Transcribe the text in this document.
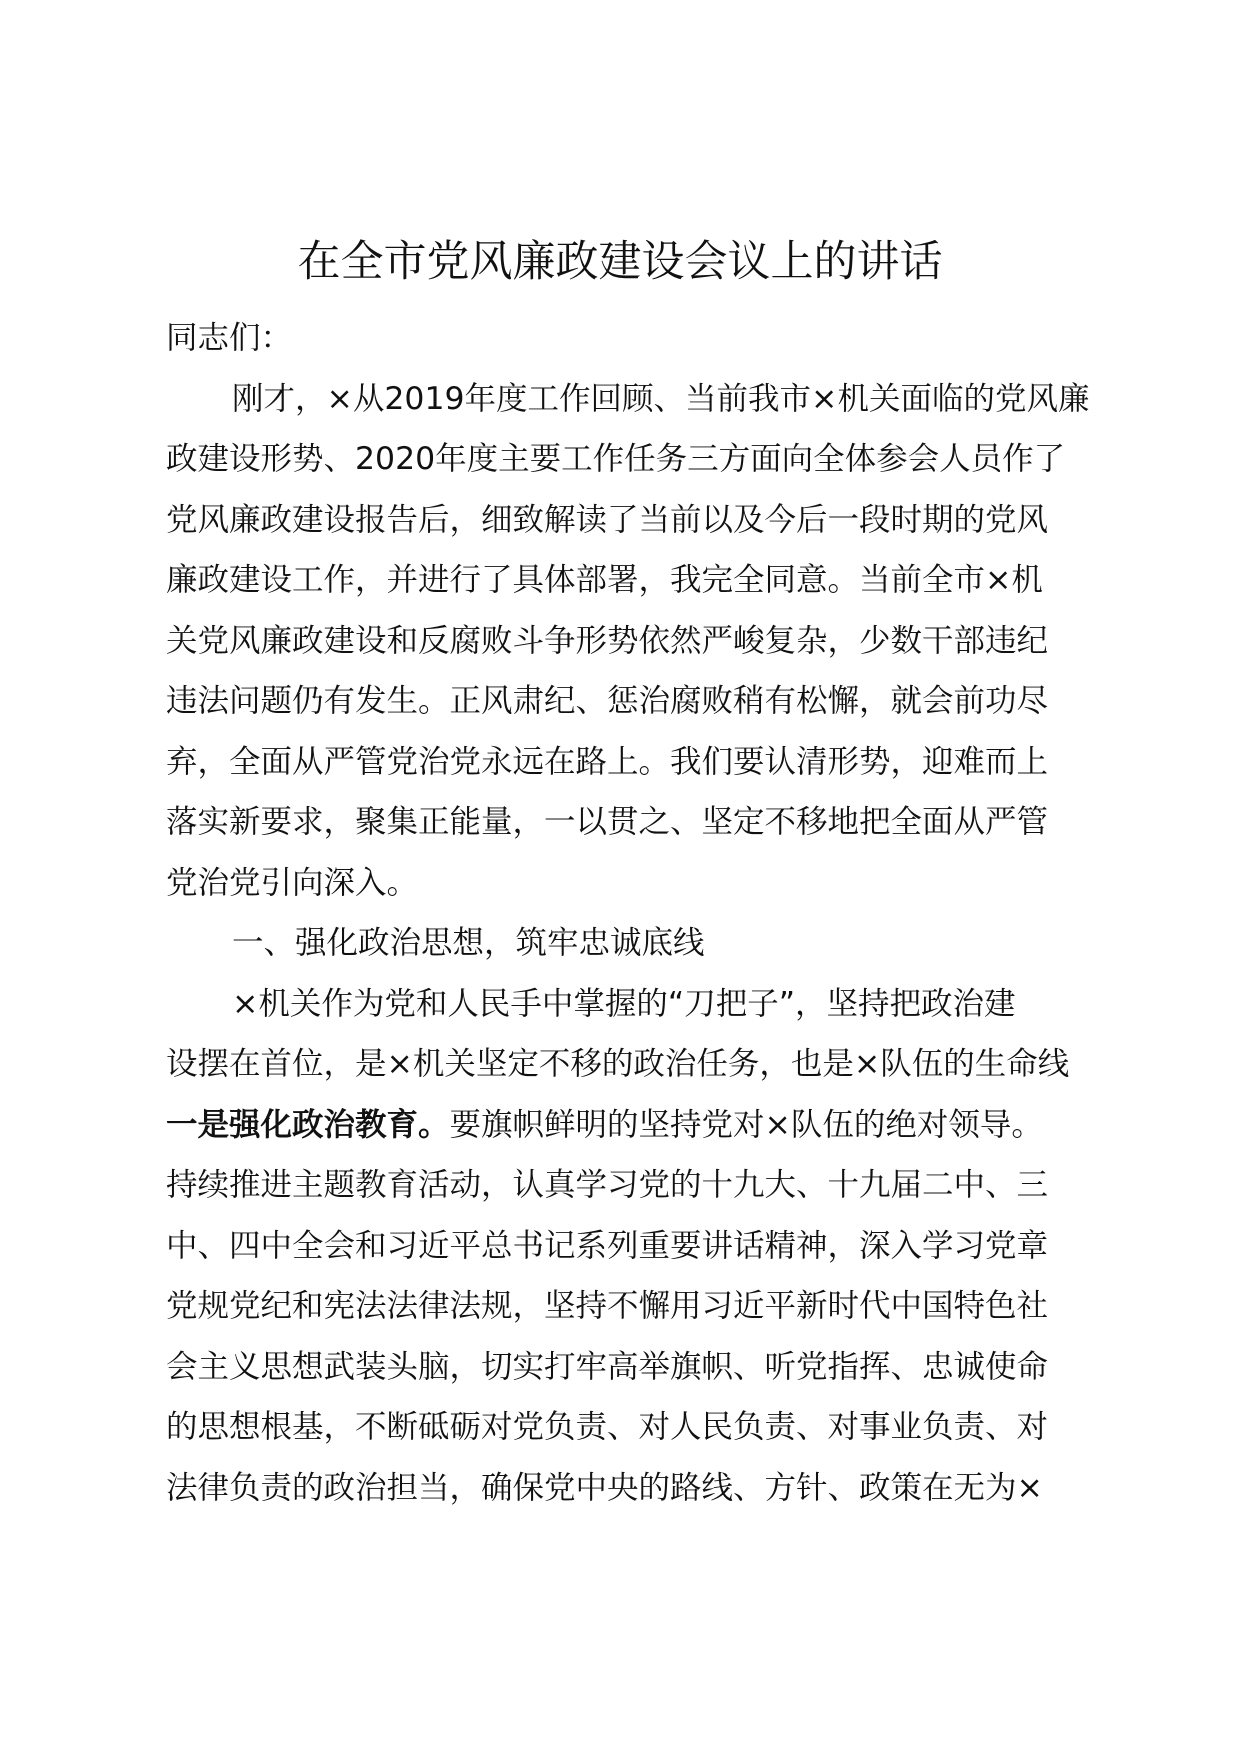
在全市党风廉政建设会议上的讲话
同志们：
刚才，×从2019年度工作回顾、当前我市×机关面临的党风廉
政建设形势、2020年度主要工作任务三方面向全体参会人员作了
党风廉政建设报告后，细致解读了当前以及今后一段时期的党风
廉政建设工作，并进行了具体部署，我完全同意。当前全市×机
关党风廉政建设和反腐败斗争形势依然严峻复杂，少数干部违纪
违法问题仍有发生。正风肃纪、惩治腐败稍有松懈，就会前功尽
弃，全面从严管党治党永远在路上。我们要认清形势，迎难而上
落实新要求，聚集正能量，一以贯之、坚定不移地把全面从严管
党治党引向深入。
一、强化政治思想，筑牢忠诚底线
×机关作为党和人民手中掌握的“刀把子”，坚持把政治建
设摆在首位，是×机关坚定不移的政治任务，也是×队伍的生命线
一是强化政治教育。要旗帜鲜明的坚持党对×队伍的绝对领导。
持续推进主题教育活动，认真学习党的十九大、十九届二中、三
中、四中全会和习近平总书记系列重要讲话精神，深入学习党章
党规党纪和宪法法律法规，坚持不懈用习近平新时代中国特色社
会主义思想武装头脑，切实打牢高举旗帜、听党指挥、忠诚使命
的思想根基，不断砥砺对党负责、对人民负责、对事业负责、对
法律负责的政治担当，确保党中央的路线、方针、政策在无为×
